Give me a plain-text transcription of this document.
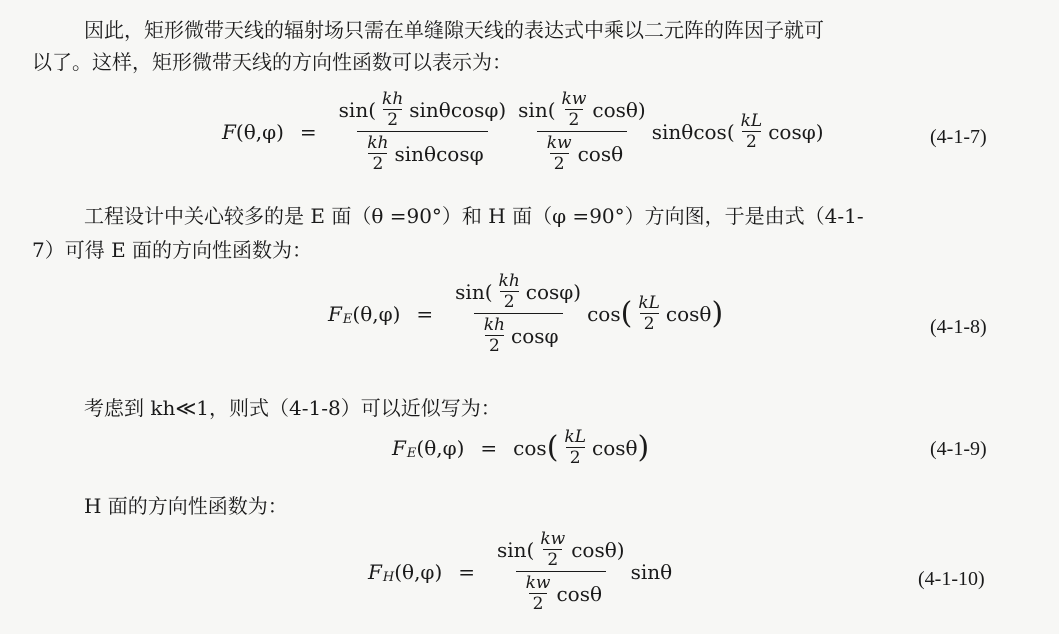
因此，矩形微带天线的辐射场只需在单缝隙天线的表达式中乘以二元阵的阵因子就可
以了。这样，矩形微带天线的方向性函数可以表示为：
F $(\theta,\varphi) = \frac{\sin( \frac{kh}{2} \sin\theta\cos\varphi )}{\frac{kh}{2} \sin\theta\cos\varphi} \frac{\sin( \frac{kw}{2} \cos\theta )}{\frac{kw}{2} \cos\theta} \sin\theta\cos( \frac{kL}{2}$ cosφ )	(4-1-7)
工程设计中关心较多的是 E 面（θ =90°）和 H 面（φ =90°）方向图，于是由式（4-1-
7）可得 E 面的方向性函数为：
F E $(\theta,\varphi) = \frac{\sin( \frac{kh}{2} \cos\varphi )}{\frac{kh}{2} \cos\varphi}$ cos ( $\frac{kL}{2}$ cosθ )	(4-1-8)
考虑到 kh≪1，则式（4-1-8）可以近似写为：
F E (θ,φ) = cos ( $\frac{kL}{2}$ cosθ )	(4-1-9)
H 面的方向性函数为：
F H $(\theta,\varphi) = \frac{\sin( \frac{kw}{2} \cos\theta )}{\frac{kw}{2} \cos\theta}$ sinθ	(4-1-10)
